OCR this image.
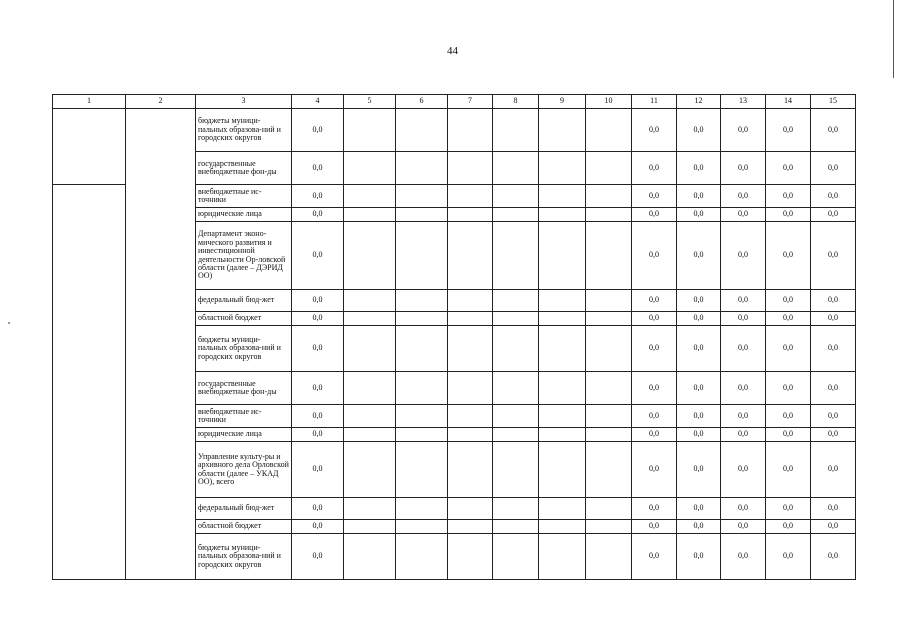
44
1	2	3	4	5	6	7	8	9	10	11	12	13	14	15
		бюджеты муници-пальных образова-ний и городских округов	0,0							0,0	0,0	0,0	0,0	0,0
		государственные внебюджетные фон-ды	0,0							0,0	0,0	0,0	0,0	0,0
		внебюджетные ис-точники	0,0							0,0	0,0	0,0	0,0	0,0
		юридические лица	0,0							0,0	0,0	0,0	0,0	0,0
		Департамент эконо-мического развития и инвестиционной деятельности Ор-ловской области (далее – ДЭРИД ОО)	0,0							0,0	0,0	0,0	0,0	0,0
		федеральный бюд-жет	0,0							0,0	0,0	0,0	0,0	0,0
		областной бюджет	0,0							0,0	0,0	0,0	0,0	0,0
		бюджеты муници-пальных образова-ний и городских округов	0,0							0,0	0,0	0,0	0,0	0,0
		государственные внебюджетные фон-ды	0,0							0,0	0,0	0,0	0,0	0,0
		внебюджетные ис-точники	0,0							0,0	0,0	0,0	0,0	0,0
		юридические лица	0,0							0,0	0,0	0,0	0,0	0,0
		Управление культу-ры и архивного дела Орловской области (далее – УКАД ОО), всего	0,0							0,0	0,0	0,0	0,0	0,0
		федеральный бюд-жет	0,0							0,0	0,0	0,0	0,0	0,0
		областной бюджет	0,0							0,0	0,0	0,0	0,0	0,0
		бюджеты муници-пальных образова-ний и городских округов	0,0							0,0	0,0	0,0	0,0	0,0
